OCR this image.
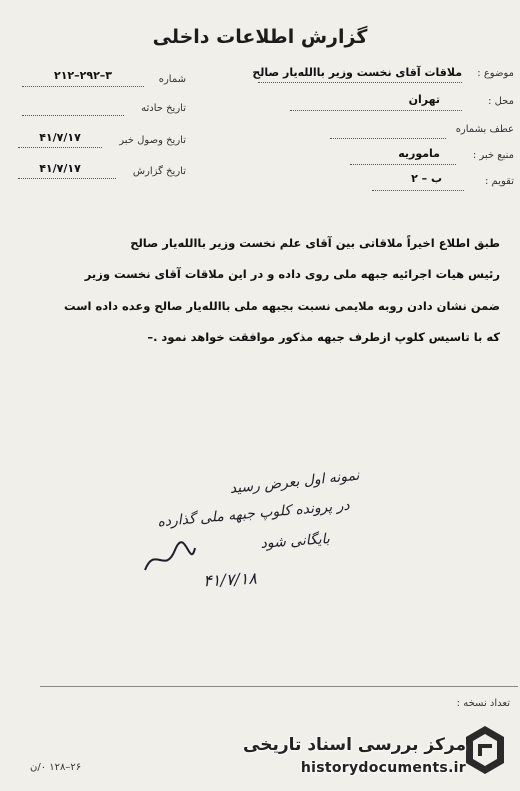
گزارش اطلاعات داخلی
موضوع :
ملاقات آقای نخست وزیر باالله‌یار صالح
محل :
تهران
عطف بشماره
منبع خبر :
ماموریه
تقویم :
ب – ۲
شماره
۲۱۲–۲۹۲–۳
تاریخ حادثه
تاریخ وصول خبر
۴۱/۷/۱۷
تاریخ گزارش
۴۱/۷/۱۷
طبق اطلاع اخیراً ملاقاتی بین آقای علم نخست وزیر باالله‌یار صالح
رئیس هیات اجرائیه جبهه ملی روی داده و در این ملاقات آقای نخست وزیر
ضمن نشان دادن روبه ملایمی نسبت بجبهه ملی باالله‌یار صالح وعده داده است
که با تاسیس کلوپ ازطرف جبهه مذکور موافقت خواهد نمود .–
نمونه اول بعرض رسید
در پرونده کلوپ جبهه ملی گذارده
بایگانی شود
۴۱/۷/۱۸
تعداد نسخه :
۲۶–۱۲۸ ۰/ن
مرکز بررسی اسناد تاریخی
historydocuments.ir
